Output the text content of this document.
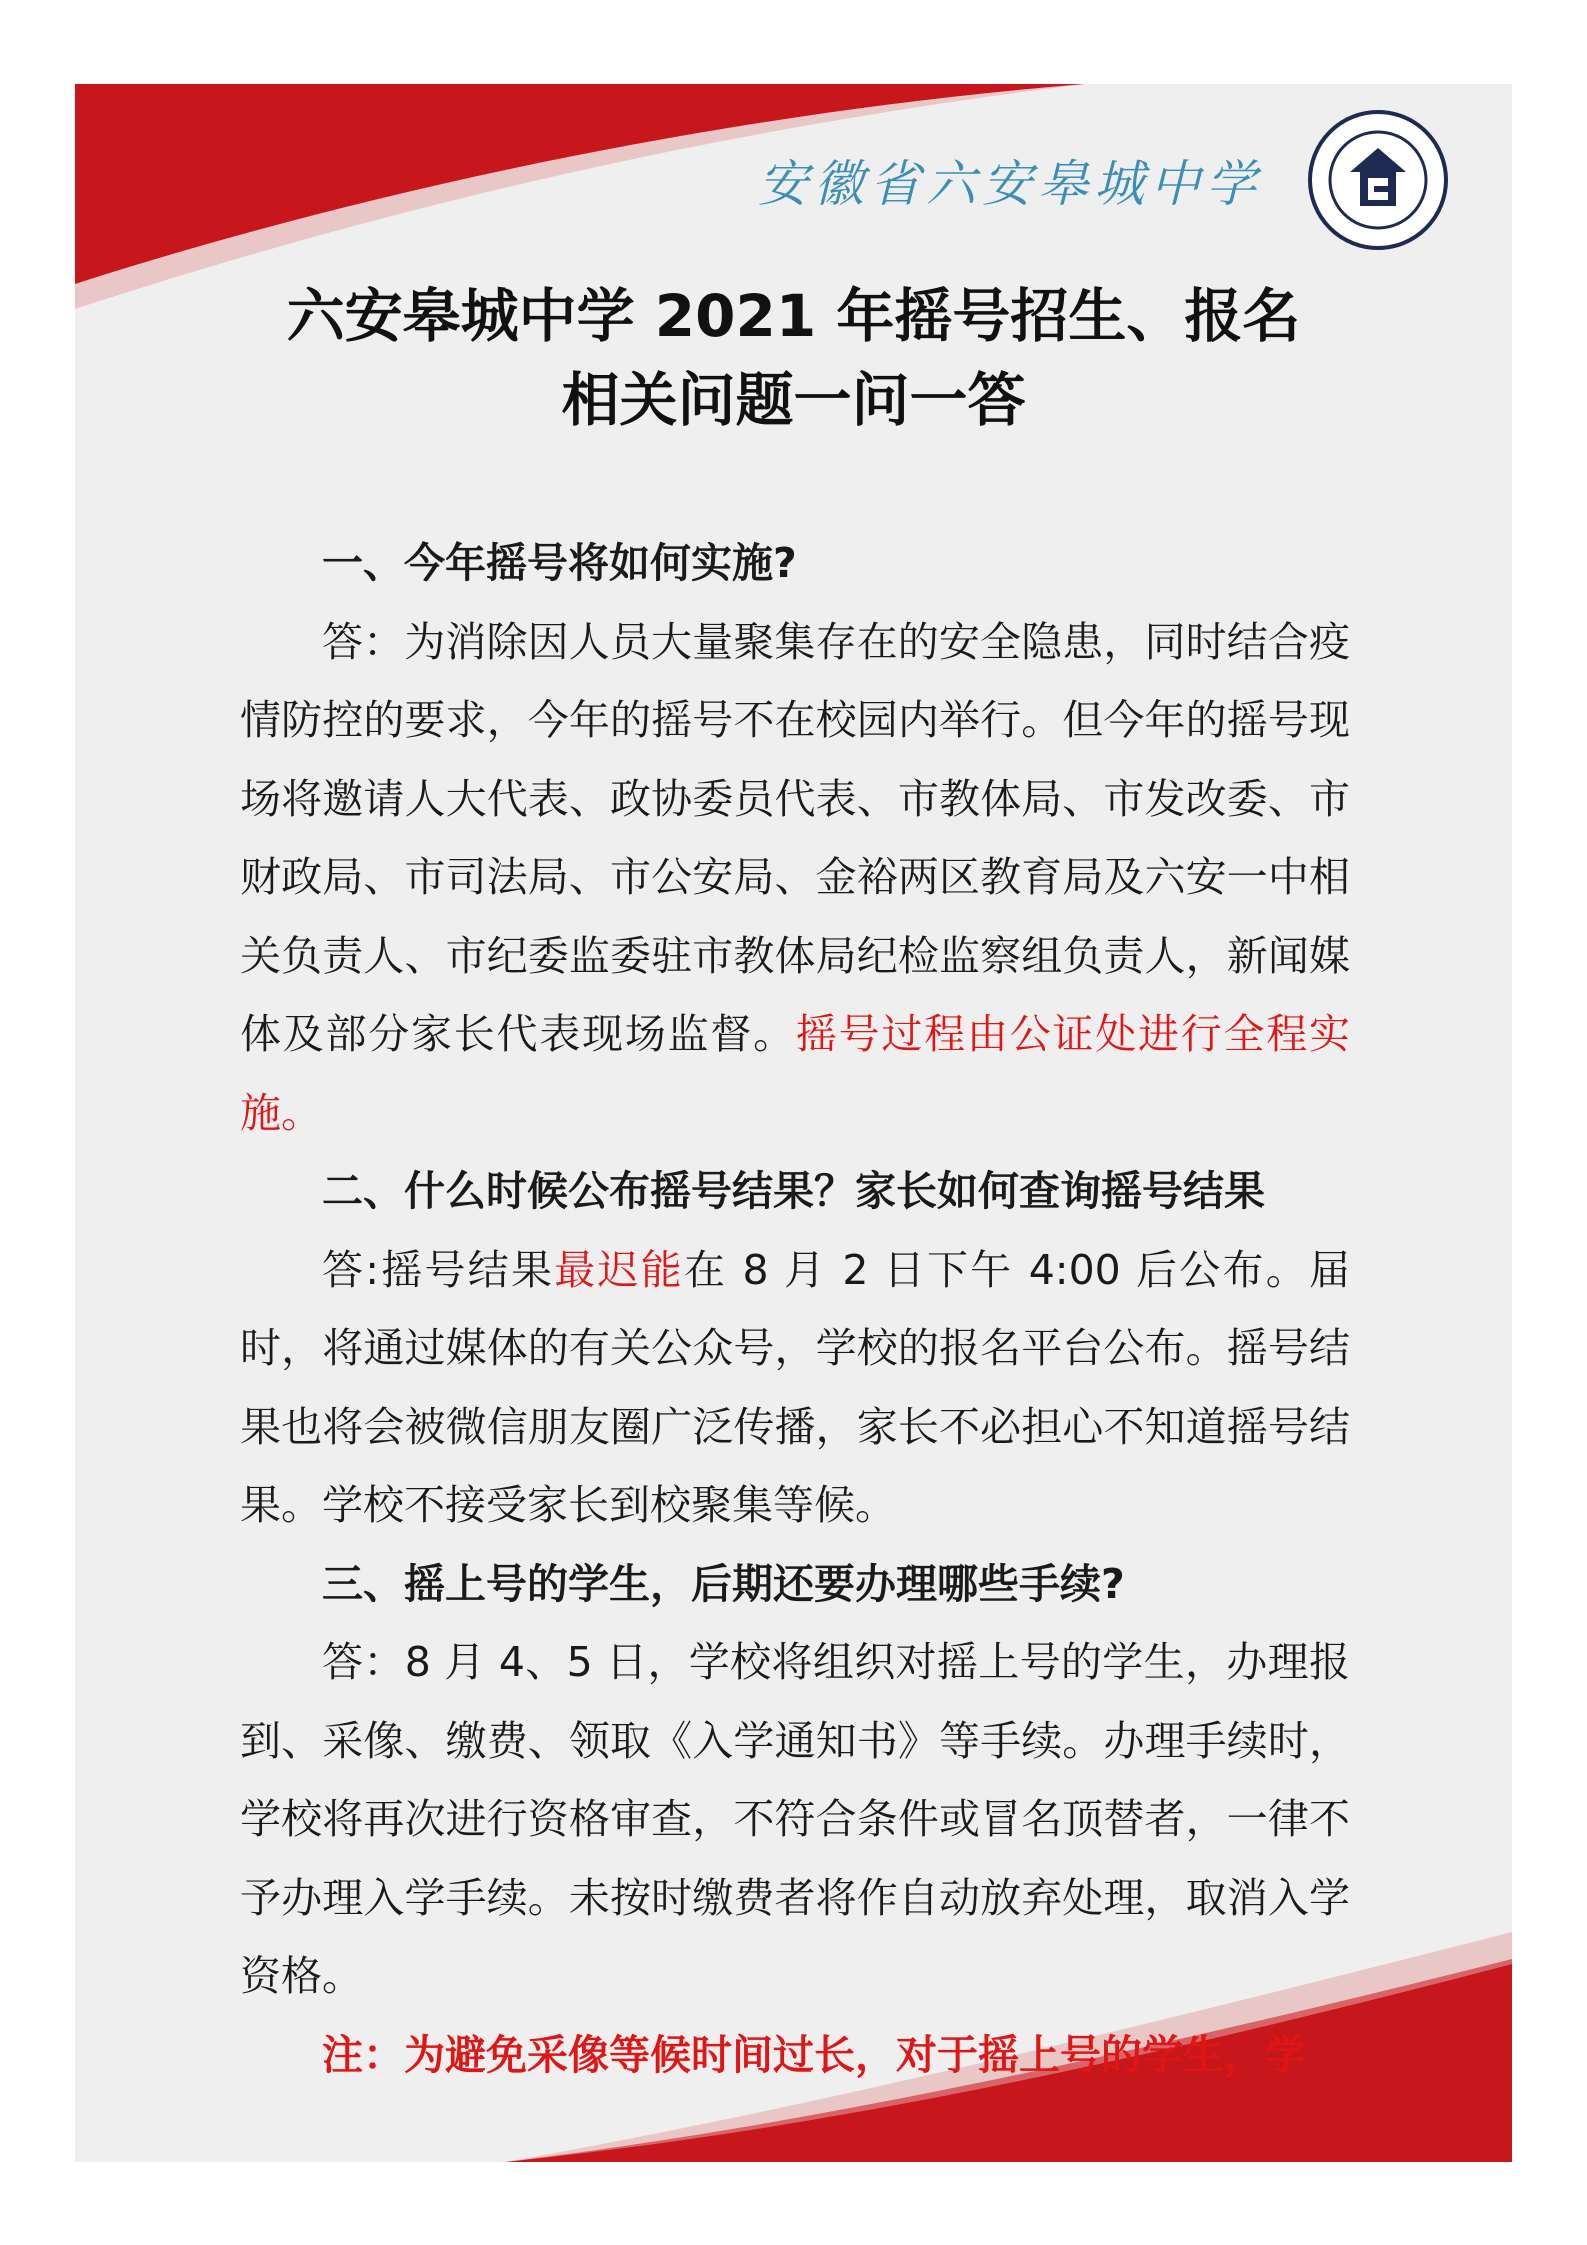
安徽省六安皋城中学
六安皋城中学 2021 年摇号招生、报名
相关问题一问一答

一、今年摇号将如何实施?

答：为消除因人员大量聚集存在的安全隐患，同时结合疫情防控的要求，今年的摇号不在校园内举行。但今年的摇号现场将邀请人大代表、政协委员代表、市教体局、市发改委、市财政局、市司法局、市公安局、金裕两区教育局及六安一中相关负责人、市纪委监委驻市教体局纪检监察组负责人，新闻媒体及部分家长代表现场监督。摇号过程由公证处进行全程实施。

二、什么时候公布摇号结果？家长如何查询摇号结果

答:摇号结果最迟能在 8 月 2 日下午 4:00 后公布。届时，将通过媒体的有关公众号，学校的报名平台公布。摇号结果也将会被微信朋友圈广泛传播，家长不必担心不知道摇号结果。学校不接受家长到校聚集等候。

三、摇上号的学生，后期还要办理哪些手续?

答：8 月 4、5 日，学校将组织对摇上号的学生，办理报到、采像、缴费、领取《入学通知书》等手续。办理手续时，学校将再次进行资格审查，不符合条件或冒名顶替者，一律不予办理入学手续。未按时缴费者将作自动放弃处理，取消入学资格。

注：为避免采像等候时间过长，对于摇上号的学生，学
